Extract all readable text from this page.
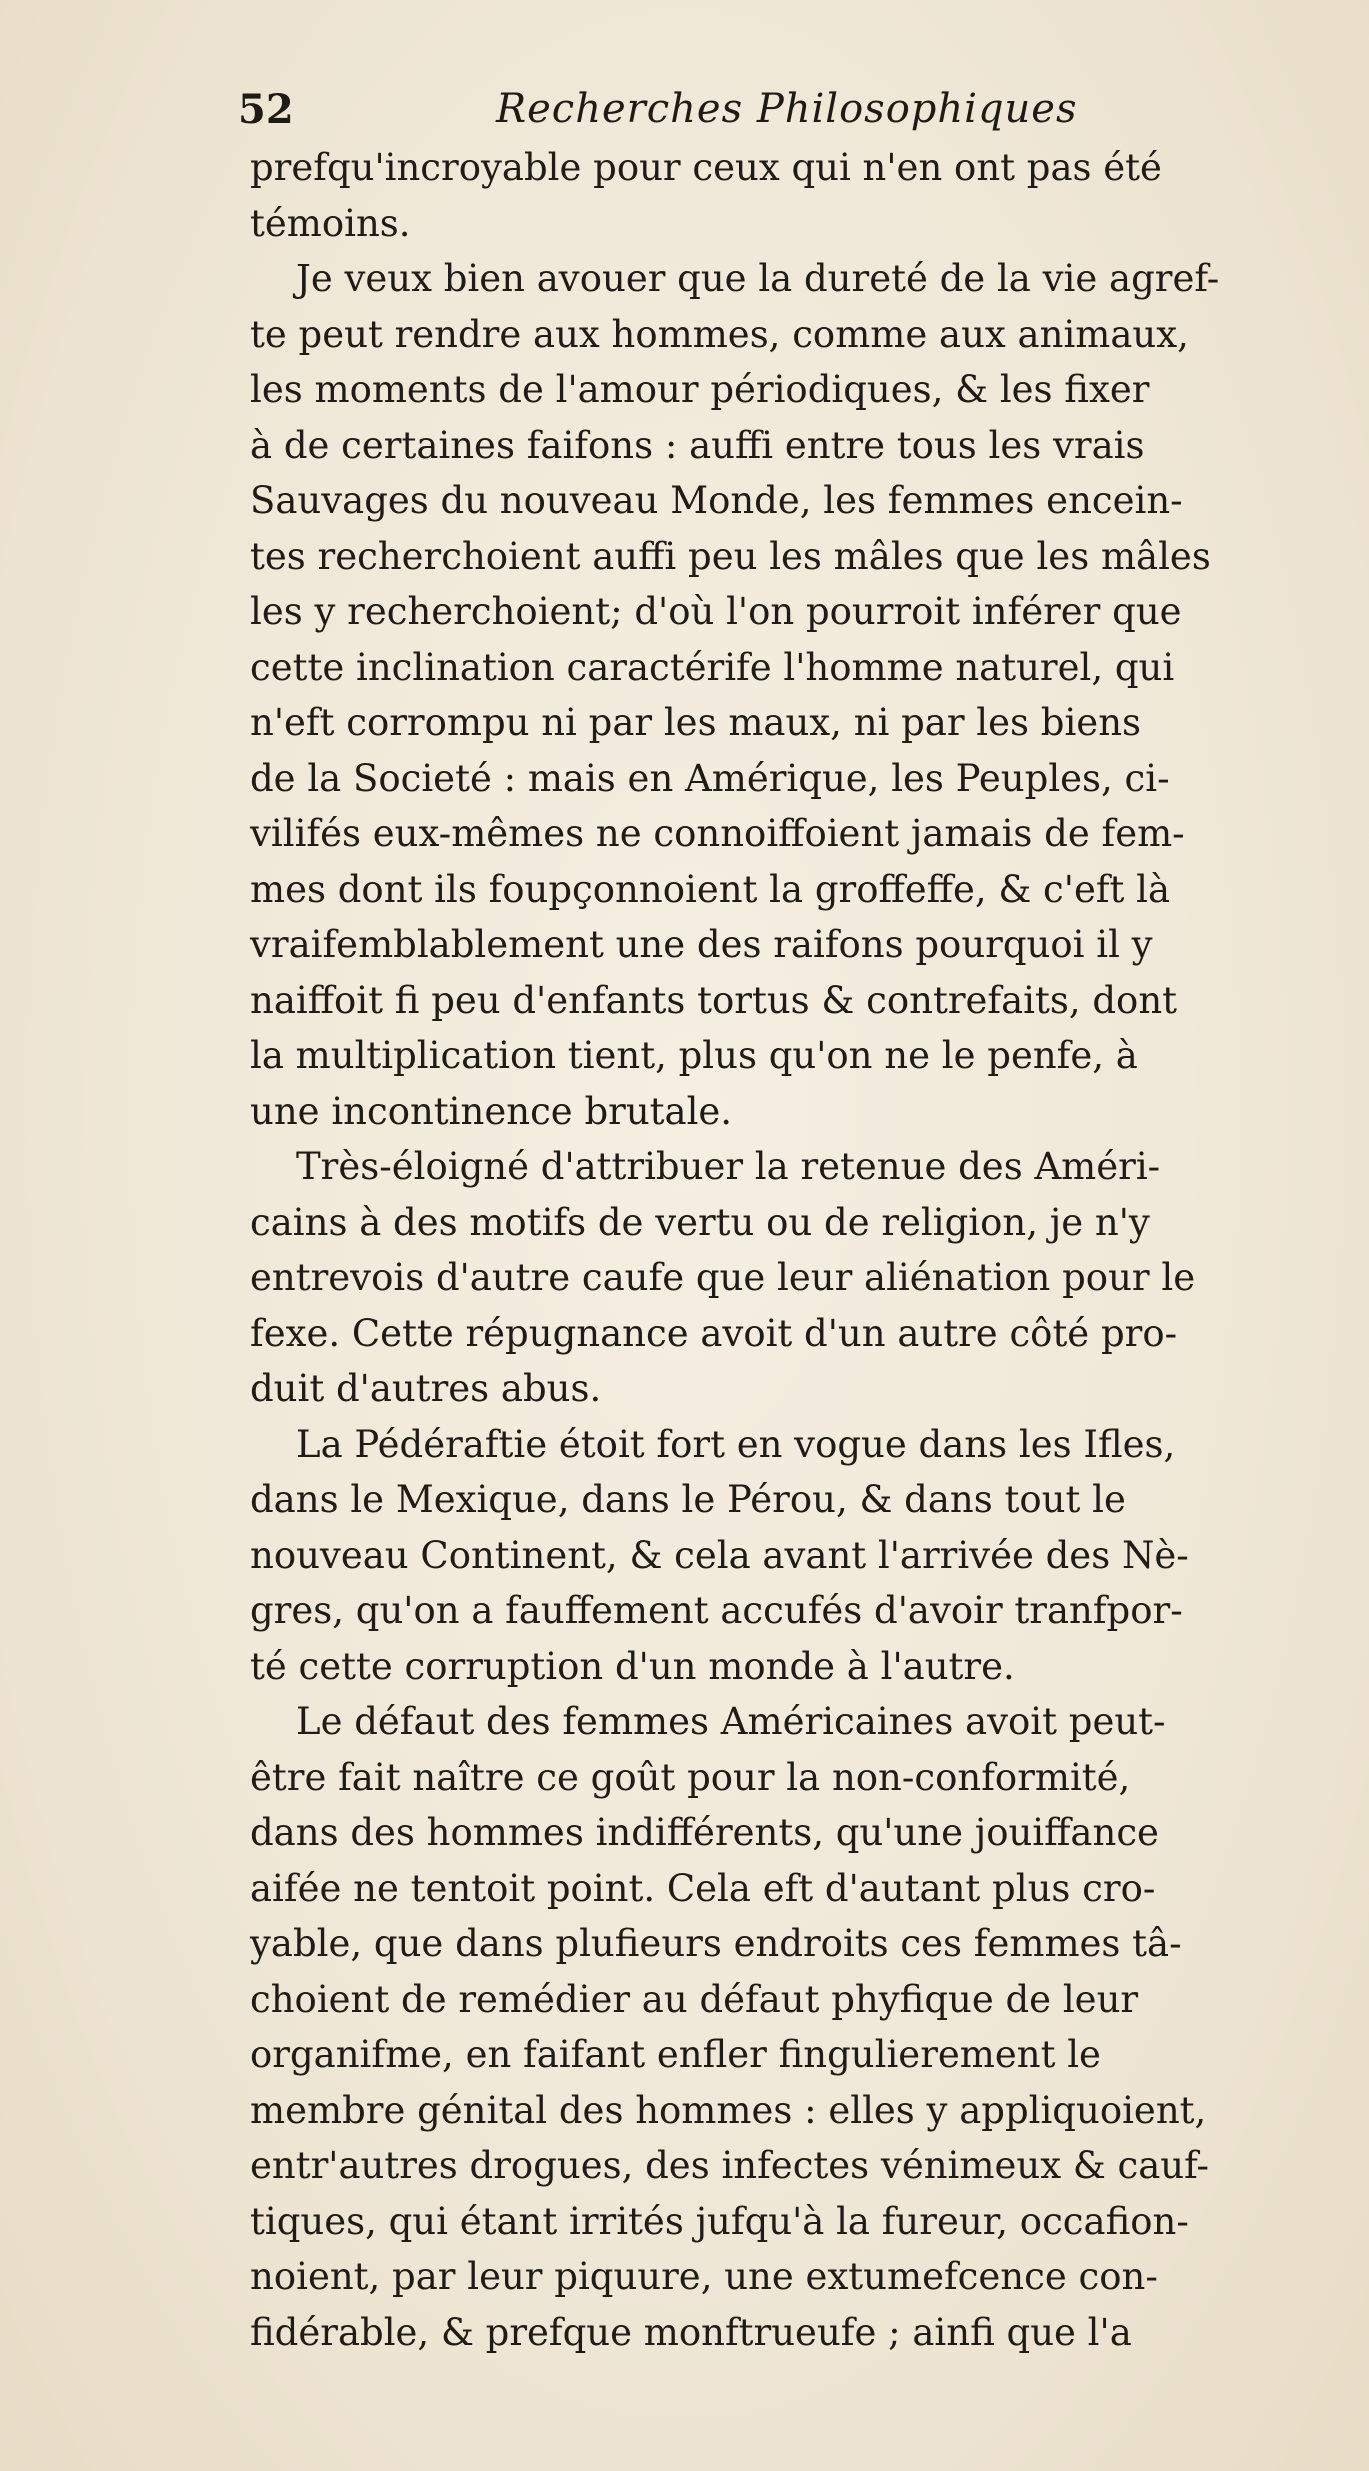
52	Recherches Philosophiques
prefqu'incroyable pour ceux qui n'en ont pas été
témoins.
Je veux bien avouer que la dureté de la vie agref-
te peut rendre aux hommes, comme aux animaux,
les moments de l'amour périodiques, & les fixer
à de certaines faifons : auffi entre tous les vrais
Sauvages du nouveau Monde, les femmes encein-
tes recherchoient auffi peu les mâles que les mâles
les y recherchoient; d'où l'on pourroit inférer que
cette inclination caractérife l'homme naturel, qui
n'eft corrompu ni par les maux, ni par les biens
de la Societé : mais en Amérique, les Peuples, ci-
vilifés eux-mêmes ne connoiffoient jamais de fem-
mes dont ils foupçonnoient la groffeffe, & c'eft là
vraifemblablement une des raifons pourquoi il y
naiffoit fi peu d'enfants tortus & contrefaits, dont
la multiplication tient, plus qu'on ne le penfe, à
une incontinence brutale.
Très-éloigné d'attribuer la retenue des Améri-
cains à des motifs de vertu ou de religion, je n'y
entrevois d'autre caufe que leur aliénation pour le
fexe. Cette répugnance avoit d'un autre côté pro-
duit d'autres abus.
La Pédéraftie étoit fort en vogue dans les Ifles,
dans le Mexique, dans le Pérou, & dans tout le
nouveau Continent, & cela avant l'arrivée des Nè-
gres, qu'on a fauffement accufés d'avoir tranfpor-
té cette corruption d'un monde à l'autre.
Le défaut des femmes Américaines avoit peut-
être fait naître ce goût pour la non-conformité,
dans des hommes indifférents, qu'une jouiffance
aifée ne tentoit point. Cela eft d'autant plus cro-
yable, que dans plufieurs endroits ces femmes tâ-
choient de remédier au défaut phyfique de leur
organifme, en faifant enfler fingulierement le
membre génital des hommes : elles y appliquoient,
entr'autres drogues, des infectes vénimeux & cauf-
tiques, qui étant irrités jufqu'à la fureur, occafion-
noient, par leur piquure, une extumefcence con-
fidérable, & prefque monftrueufe ; ainfi que l'a
